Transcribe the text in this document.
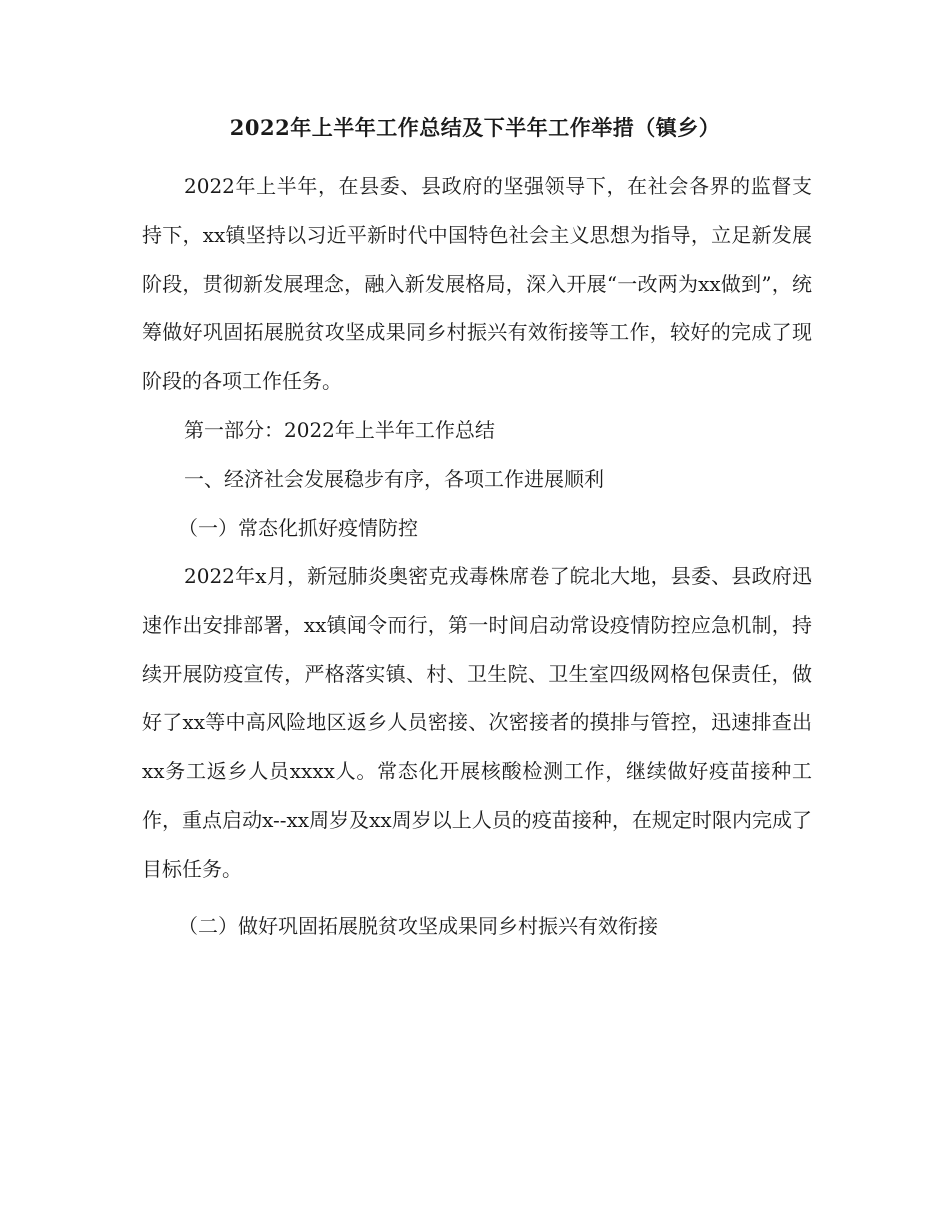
2022年上半年工作总结及下半年工作举措（镇乡）
2022年上半年，在县委、县政府的坚强领导下，在社会各界的监督支持下，xx镇坚持以习近平新时代中国特色社会主义思想为指导，立足新发展阶段，贯彻新发展理念，融入新发展格局，深入开展“一改两为xx做到”，统筹做好巩固拓展脱贫攻坚成果同乡村振兴有效衔接等工作，较好的完成了现阶段的各项工作任务。
第一部分：2022年上半年工作总结
一、经济社会发展稳步有序，各项工作进展顺利
（一）常态化抓好疫情防控
2022年x月，新冠肺炎奥密克戎毒株席卷了皖北大地，县委、县政府迅速作出安排部署，xx镇闻令而行，第一时间启动常设疫情防控应急机制，持续开展防疫宣传，严格落实镇、村、卫生院、卫生室四级网格包保责任，做好了xx等中高风险地区返乡人员密接、次密接者的摸排与管控，迅速排查出xx务工返乡人员xxxx人。常态化开展核酸检测工作，继续做好疫苗接种工作，重点启动x--xx周岁及xx周岁以上人员的疫苗接种，在规定时限内完成了目标任务。
（二）做好巩固拓展脱贫攻坚成果同乡村振兴有效衔接
